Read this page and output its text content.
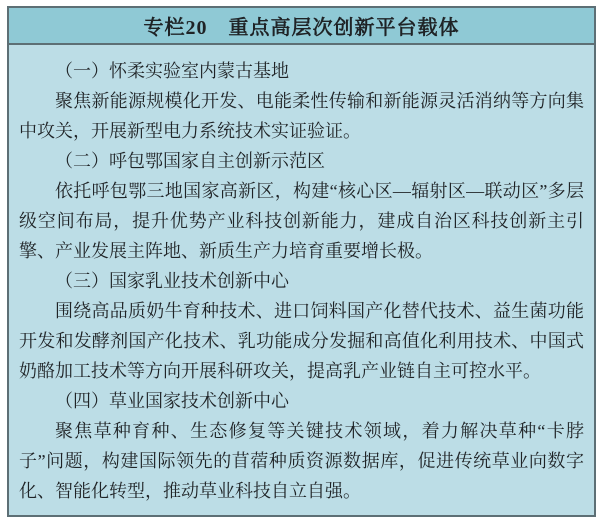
专栏20　重点高层次创新平台载体

（一）怀柔实验室内蒙古基地

聚焦新能源规模化开发、电能柔性传输和新能源灵活消纳等方向集中攻关，开展新型电力系统技术实证验证。

（二）呼包鄂国家自主创新示范区

依托呼包鄂三地国家高新区，构建“核心区—辐射区—联动区”多层级空间布局，提升优势产业科技创新能力，建成自治区科技创新主引擎、产业发展主阵地、新质生产力培育重要增长极。

（三）国家乳业技术创新中心

围绕高品质奶牛育种技术、进口饲料国产化替代技术、益生菌功能开发和发酵剂国产化技术、乳功能成分发掘和高值化利用技术、中国式奶酪加工技术等方向开展科研攻关，提高乳产业链自主可控水平。

（四）草业国家技术创新中心

聚焦草种育种、生态修复等关键技术领域，着力解决草种“卡脖子”问题，构建国际领先的苜蓿种质资源数据库，促进传统草业向数字化、智能化转型，推动草业科技自立自强。
